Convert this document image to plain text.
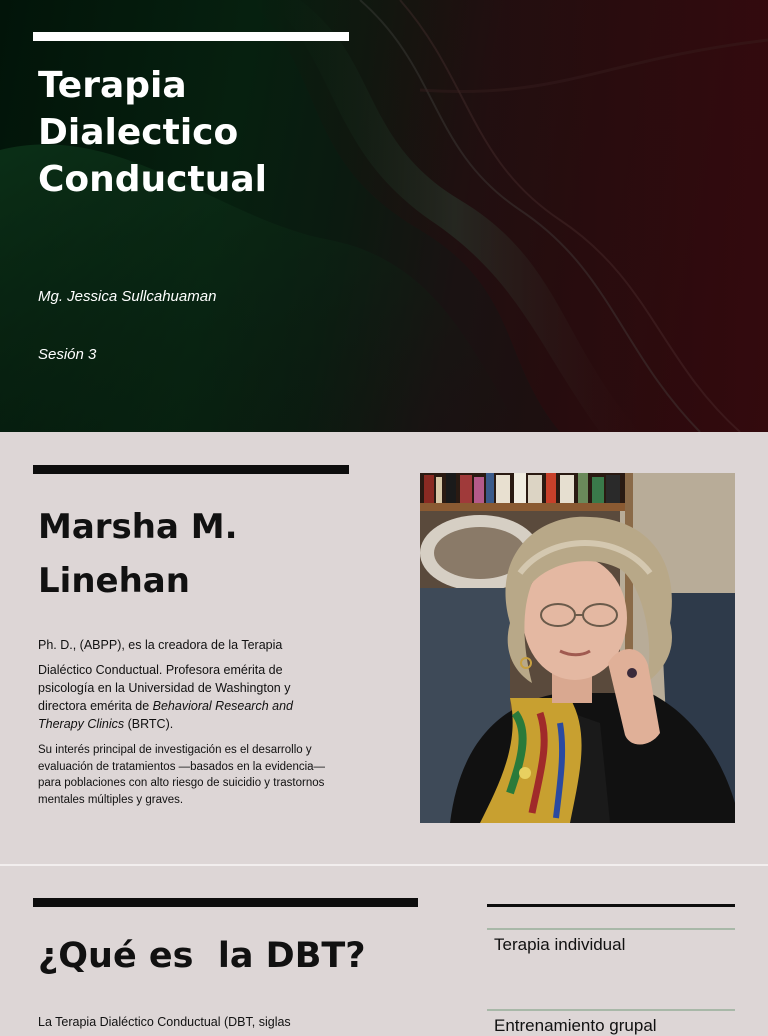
Terapia
Dialectico
Conductual
Mg. Jessica Sullcahuaman
Sesión 3
Marsha M.
Linehan

Ph. D., (ABPP), es la creadora de la Terapia

Dialéctico Conductual. Profesora emérita de psicología en la Universidad de Washington y directora emérita de Behavioral Research and Therapy Clinics (BRTC).

Su interés principal de investigación es el desarrollo y evaluación de tratamientos —basados en la evidencia— para poblaciones con alto riesgo de suicidio y trastornos mentales múltiples y graves.

¿Qué es  la DBT?

La Terapia Dialéctico Conductual (DBT, siglas

Terapia individual
Entrenamiento grupal
